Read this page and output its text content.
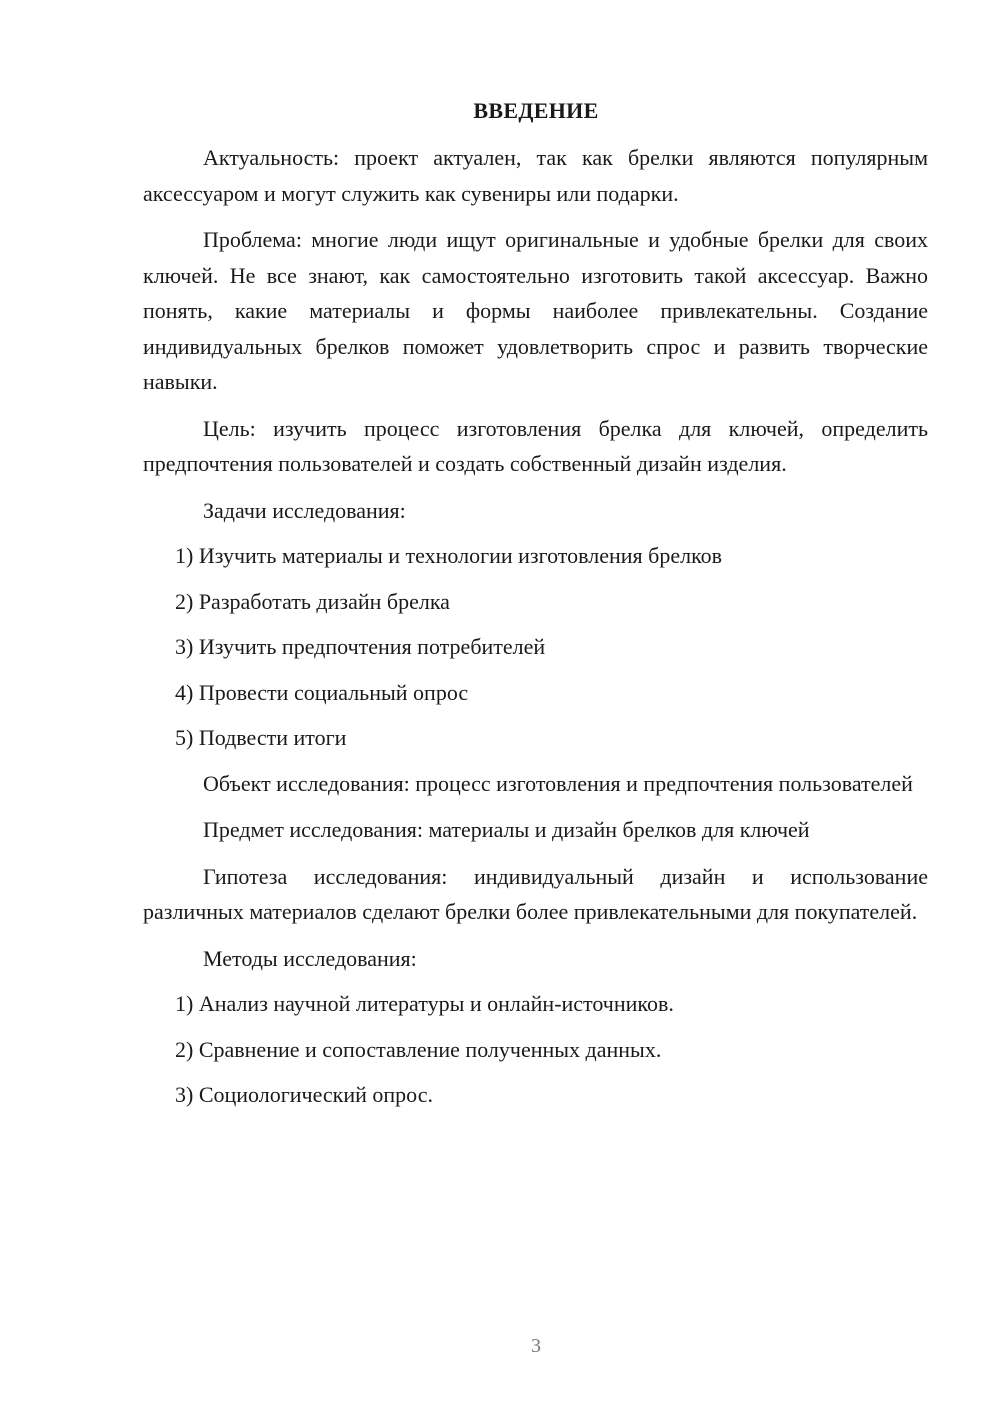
ВВЕДЕНИЕ

Актуальность: проект актуален, так как брелки являются популярным аксессуаром и могут служить как сувениры или подарки.

Проблема: многие люди ищут оригинальные и удобные брелки для своих ключей. Не все знают, как самостоятельно изготовить такой аксессуар. Важно понять, какие материалы и формы наиболее привлекательны. Создание индивидуальных брелков поможет удовлетворить спрос и развить творческие навыки.

Цель: изучить процесс изготовления брелка для ключей, определить предпочтения пользователей и создать собственный дизайн изделия.

Задачи исследования:

1) Изучить материалы и технологии изготовления брелков

2) Разработать дизайн брелка

3) Изучить предпочтения потребителей

4) Провести социальный опрос

5) Подвести итоги

Объект исследования: процесс изготовления и предпочтения пользователей

Предмет исследования: материалы и дизайн брелков для ключей

Гипотеза исследования: индивидуальный дизайн и использование различных материалов сделают брелки более привлекательными для покупателей.

Методы исследования:

1) Анализ научной литературы и онлайн-источников.

2) Сравнение и сопоставление полученных данных.

3) Социологический опрос.

3
